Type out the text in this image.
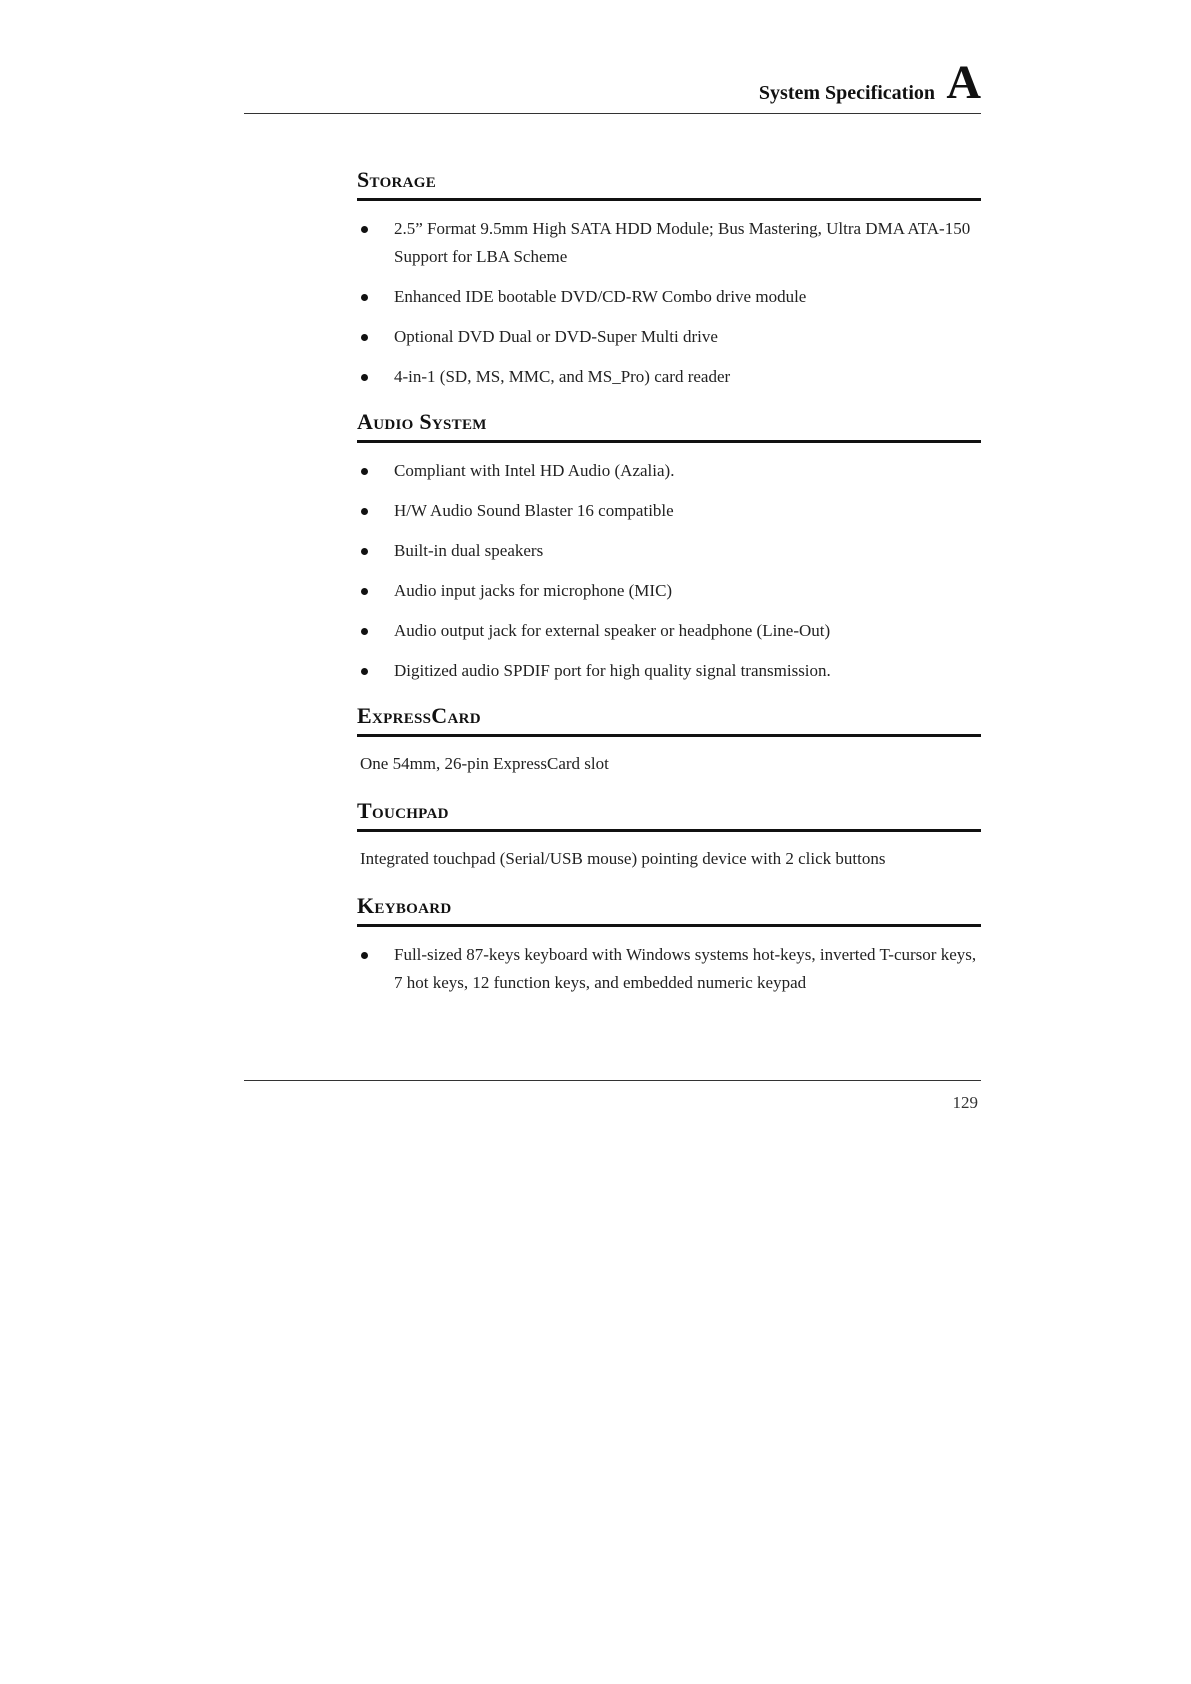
System Specification A
Storage
2.5” Format 9.5mm High SATA HDD Module; Bus Mastering, Ultra DMA ATA-150 Support for LBA Scheme
Enhanced IDE bootable DVD/CD-RW Combo drive module
Optional DVD Dual or DVD-Super Multi drive
4-in-1 (SD, MS, MMC, and MS_Pro) card reader
Audio System
Compliant with Intel HD Audio (Azalia).
H/W Audio Sound Blaster 16 compatible
Built-in dual speakers
Audio input jacks for microphone (MIC)
Audio output jack for external speaker or headphone (Line-Out)
Digitized audio SPDIF port for high quality signal transmission.
ExpressCard

One 54mm, 26-pin ExpressCard slot

Touchpad

Integrated touchpad (Serial/USB mouse) pointing device with 2 click buttons

Keyboard
Full-sized 87-keys keyboard with Windows systems hot-keys, inverted T-cursor keys, 7 hot keys, 12 function keys, and embedded numeric keypad
129
